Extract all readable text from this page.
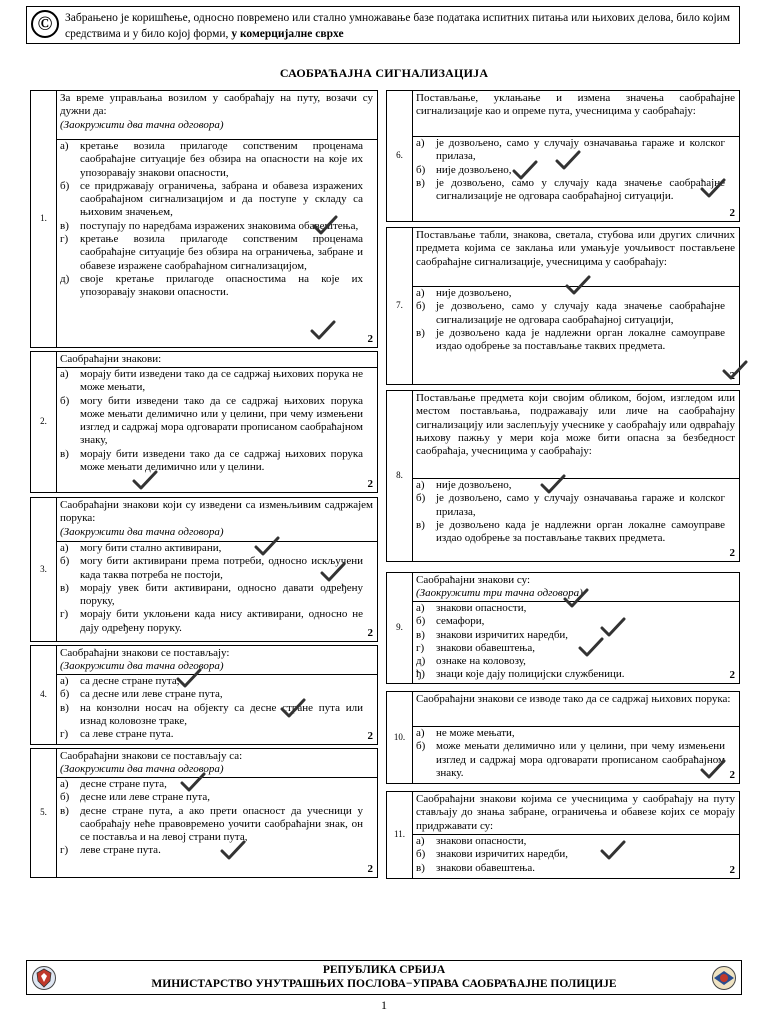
©	Забрањено је коришћење, односно повремено или стално умножавање базе података испитних питања или њихових делова, било којим средствима и у било којој форми, у комерцијалне сврхе
САОБРАЋАЈНА СИГНАЛИЗАЦИЈА
1.
За време управљања возилом у саобраћају на путу, возачи су дужни да:
(Заокружити два тачна одговора)
а) кретање возила прилагоде сопственим проценама саобраћајне ситуације без обзира на опасности на које их упозоравају знакови опасности,
б) се придржавају ограничења, забрана и обавеза изражених саобраћајном сигнализацијом и да поступе у складу са њиховим значењем,
в) поступају по наредбама изражених знаковима обавештења,
г) кретање возила прилагоде сопственим проценама саобраћајне ситуације без обзира на ограничења, забране и обавезе изражене саобраћајном сигнализацијом,
д) своје кретање прилагоде опасностима на које их упозоравају знакови опасности.
2
2.
Саобраћајни знакови:
а) морају бити изведени тако да се садржај њихових порука не може мењати,
б) могу бити изведени тако да се садржај њихових порука може мењати делимично или у целини, при чему измењени изглед и садржај мора одговарати прописаном саобраћајном знаку,
в) морају бити изведени тако да се садржај њихових порука може мењати делимично или у целини.
2
3.
Саобраћајни знакови који су изведени са измењљивим садржајем порука:
(Заокружити два тачна одговора)
а) могу бити стално активирани,
б) могу бити активирани према потреби, односно искључени када таква потреба не постоји,
в) морају увек бити активирани, односно давати одређену поруку,
г) морају бити уклоњени када нису активирани, односно не дају одређену поруку.	2
4.
Саобраћајни знакови се постављају:
(Заокружити два тачна одговора)
а) са десне стране пута,
б) са десне или леве стране пута,
в) на конзолни носач на објекту са десне стране пута или изнад коловозне траке,
г) са леве стране пута.	2
5.
Саобраћајни знакови се постављају са:
(Заокружити два тачна одговора)
а) десне стране пута,
б) десне или леве стране пута,
в) десне стране пута, а ако прети опасност да учесници у саобраћају неће правовремено уочити саобраћајни знак, он се поставља и на левој страни пута,
г) леве стране пута.
2
6.
Постављање, уклањање и измена значења саобраћајне сигнализације као и опреме пута, учесницима у саобраћају:
а) је дозвољено, само у случају означавања гараже и колског прилаза,
б) није дозвољено,
в) је дозвољено, само у случају када значење саобраћајне сигнализације не одговара саобраћајној ситуацији.
2
7.
Постављање табли, знакова, светала, стубова или других сличних предмета којима се заклања или умањује уочљивост постављене саобраћајне сигнализације, учесницима у саобраћају:
а) није дозвољено,
б) је дозвољено, само у случају када значење саобраћајне сигнализације не одговара саобраћајној ситуацији,
в) је дозвољено када је надлежни орган локалне самоуправе издао одобрење за постављање таквих предмета.
2
8.
Постављање предмета који својим обликом, бојом, изгледом или местом постављања, подражавају или личе на саобраћајну сигнализацију или заслепљују учеснике у саобраћају или одвраћају њихову пажњу у мери која може бити опасна за безбедност саобраћаја, учесницима у саобраћају:
а) није дозвољено,
б) је дозвољено, само у случају означавања гараже и колског прилаза,
в) је дозвољено када је надлежни орган локалне самоуправе издао одобрење за постављање таквих предмета.
2
9.
Саобраћајни знакови су:
(Заокружити три тачна одговора)
а) знакови опасности,
б) семафори,
в) знакови изричитих наредби,
г) знакови обавештења,
д) ознаке на коловозу,
ђ) знаци које дају полицијски службеници.	2
10.
Саобраћајни знакови се изводе тако да се садржај њихових порука:
а) не може мењати,
б) може мењати делимично или у целини, при чему измењени изглед и садржај мора одговарати прописаном саобраћајном знаку.	2
11.
Саобраћајни знакови којима се учесницима у саобраћају на путу стављају до знања забране, ограничења и обавезе којих се морају придржавати су:
а) знакови опасности,
б) знакови изричитих наредби,
в) знакови обавештења.	2
РЕПУБЛИКА СРБИЈА
МИНИСТАРСТВО УНУТРАШЊИХ ПОСЛОВА−УПРАВА САОБРАЋАЈНЕ ПОЛИЦИЈЕ
1
